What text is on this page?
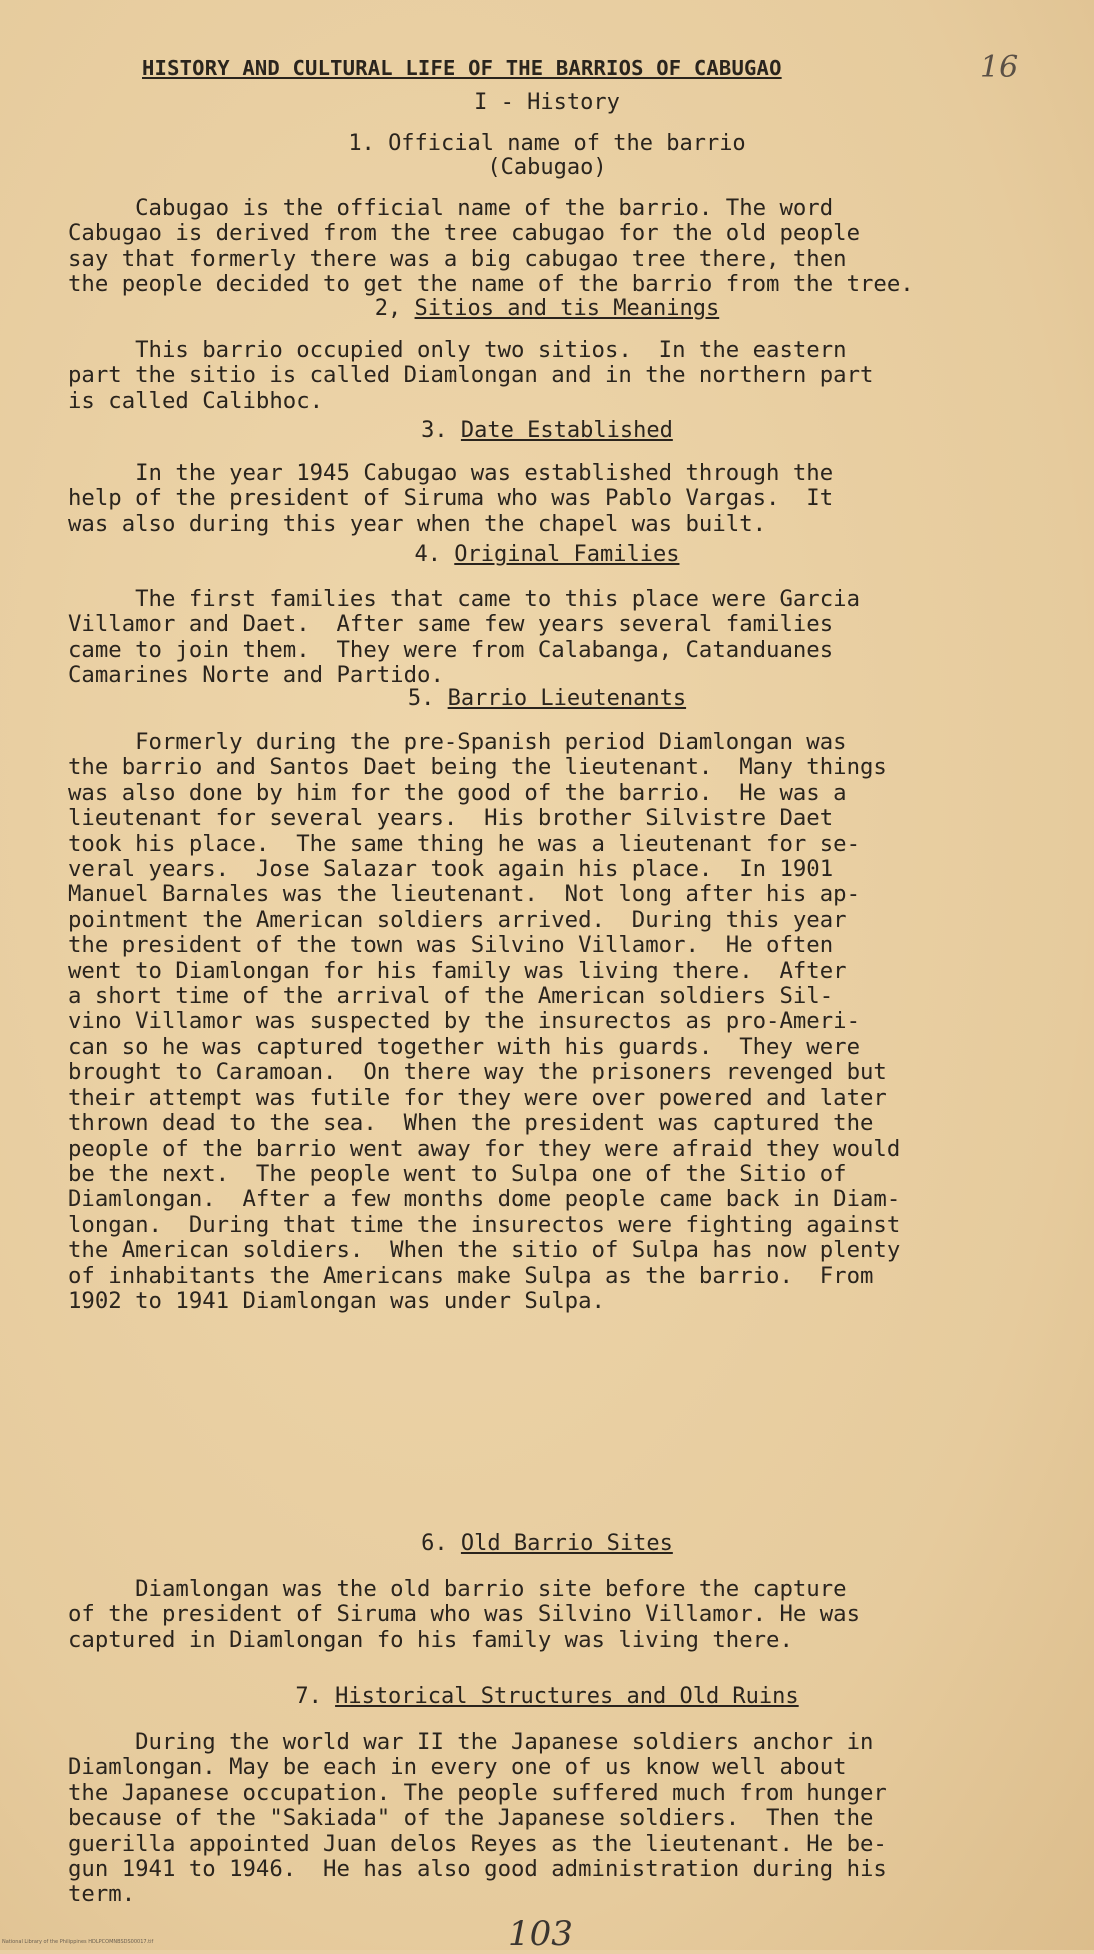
HISTORY AND CULTURAL LIFE OF THE BARRIOS OF CABUGAO	16
I - History
1. Official name of the barrio
(Cabugao)
Cabugao is the official name of the barrio. The word
Cabugao is derived from the tree cabugao for the old people
say that formerly there was a big cabugao tree there, then
the people decided to get the name of the barrio from the tree.
2, Sitios and tis Meanings
This barrio occupied only two sitios.  In the eastern
part the sitio is called Diamlongan and in the northern part
is called Calibhoc.
3. Date Established
In the year 1945 Cabugao was established through the
help of the president of Siruma who was Pablo Vargas.  It
was also during this year when the chapel was built.
4. Original Families
The first families that came to this place were Garcia
Villamor and Daet.  After same few years several families
came to join them.  They were from Calabanga, Catanduanes
Camarines Norte and Partido.
5. Barrio Lieutenants
Formerly during the pre-Spanish period Diamlongan was
the barrio and Santos Daet being the lieutenant.  Many things
was also done by him for the good of the barrio.  He was a
lieutenant for several years.  His brother Silvistre Daet
took his place.  The same thing he was a lieutenant for se-
veral years.  Jose Salazar took again his place.  In 1901
Manuel Barnales was the lieutenant.  Not long after his ap-
pointment the American soldiers arrived.  During this year
the president of the town was Silvino Villamor.  He often
went to Diamlongan for his family was living there.  After
a short time of the arrival of the American soldiers Sil-
vino Villamor was suspected by the insurectos as pro-Ameri-
can so he was captured together with his guards.  They were
brought to Caramoan.  On there way the prisoners revenged but
their attempt was futile for they were over powered and later
thrown dead to the sea.  When the president was captured the
people of the barrio went away for they were afraid they would
be the next.  The people went to Sulpa one of the Sitio of
Diamlongan.  After a few months dome people came back in Diam-
longan.  During that time the insurectos were fighting against
the American soldiers.  When the sitio of Sulpa has now plenty
of inhabitants the Americans make Sulpa as the barrio.  From
1902 to 1941 Diamlongan was under Sulpa.
6. Old Barrio Sites
Diamlongan was the old barrio site before the capture
of the president of Siruma who was Silvino Villamor. He was
captured in Diamlongan fo his family was living there.
7. Historical Structures and Old Ruins
During the world war II the Japanese soldiers anchor in
Diamlongan. May be each in every one of us know well about
the Japanese occupation. The people suffered much from hunger
because of the "Sakiada" of the Japanese soldiers.  Then the
guerilla appointed Juan delos Reyes as the lieutenant. He be-
gun 1941 to 1946.  He has also good administration during his
term.
103
National Library of the Philippines HDLPCOMNBSDS00017.tif
